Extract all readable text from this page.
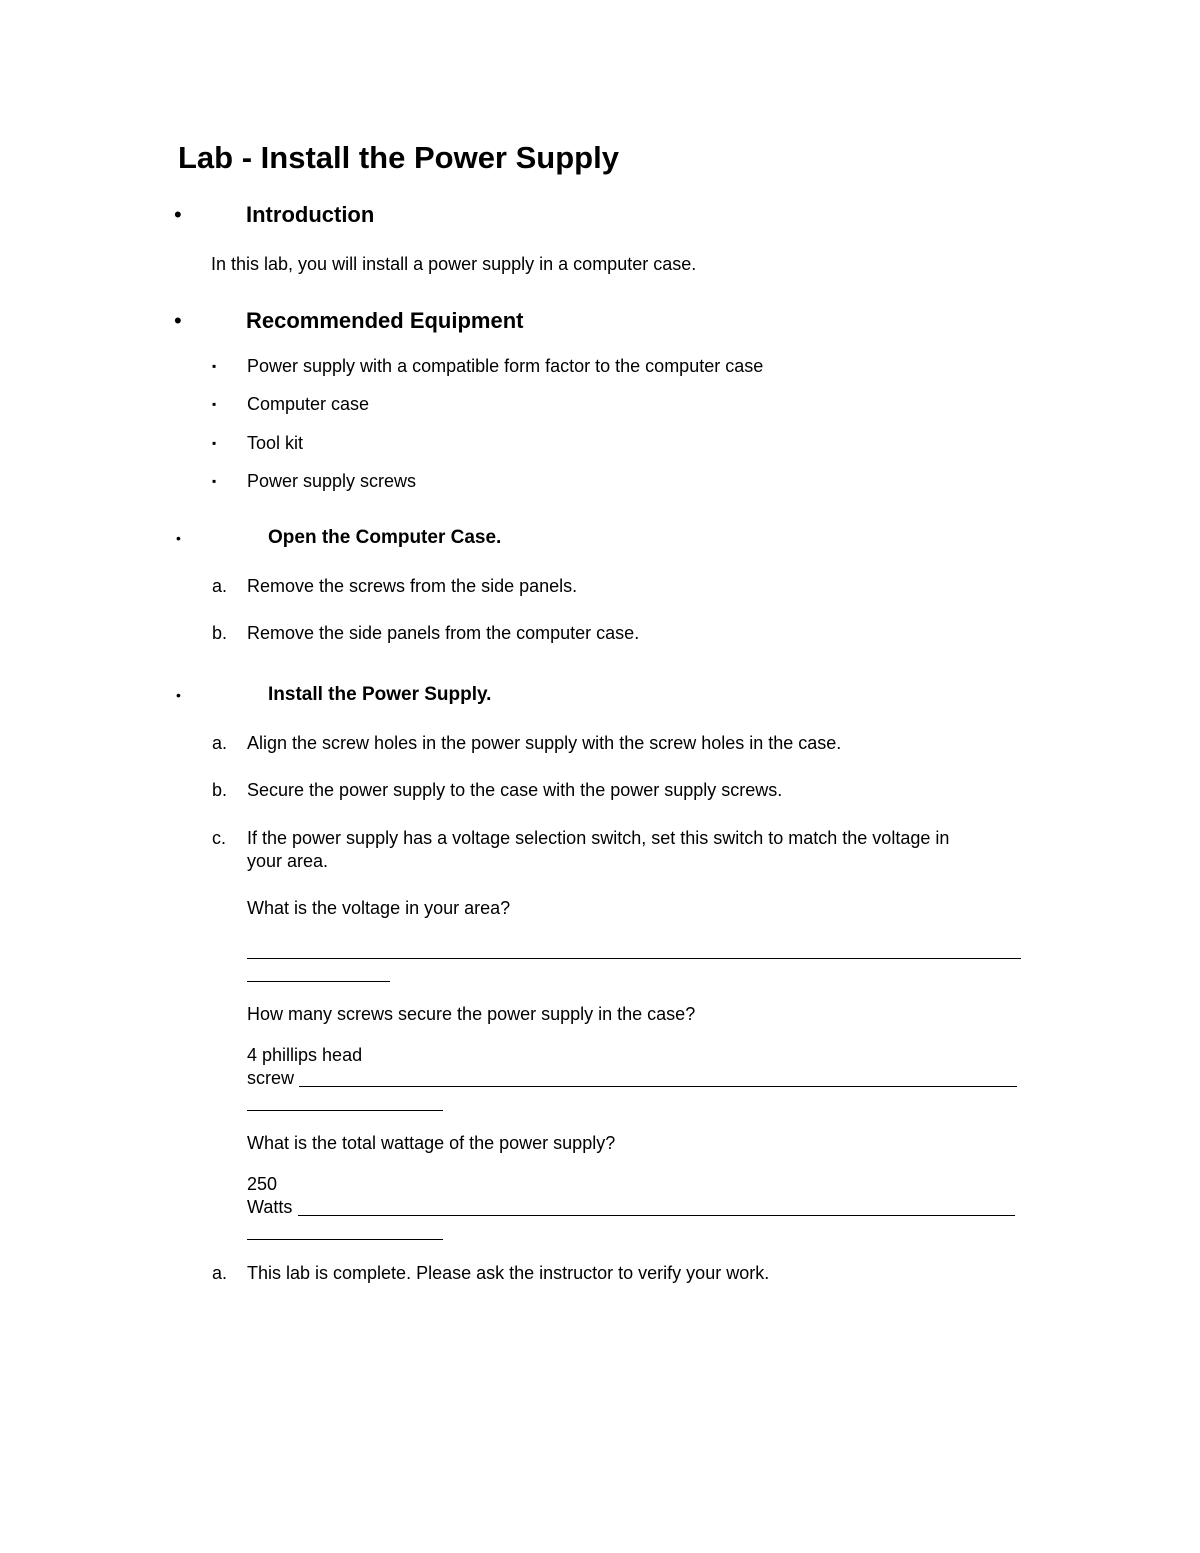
Lab - Install the Power Supply
•	Introduction
In this lab, you will install a power supply in a computer case.
•	Recommended Equipment
▪ Power supply with a compatible form factor to the computer case
▪ Computer case
▪ Tool kit
▪ Power supply screws
•	Open the Computer Case.
a. Remove the screws from the side panels.
b. Remove the side panels from the computer case.
•	Install the Power Supply.
a. Align the screw holes in the power supply with the screw holes in the case.
b. Secure the power supply to the case with the power supply screws.
c. If the power supply has a voltage selection switch, set this switch to match the voltage in
your area.
What is the voltage in your area?
How many screws secure the power supply in the case?
4 phillips head
screw
What is the total wattage of the power supply?
250
Watts
a. This lab is complete. Please ask the instructor to verify your work.
